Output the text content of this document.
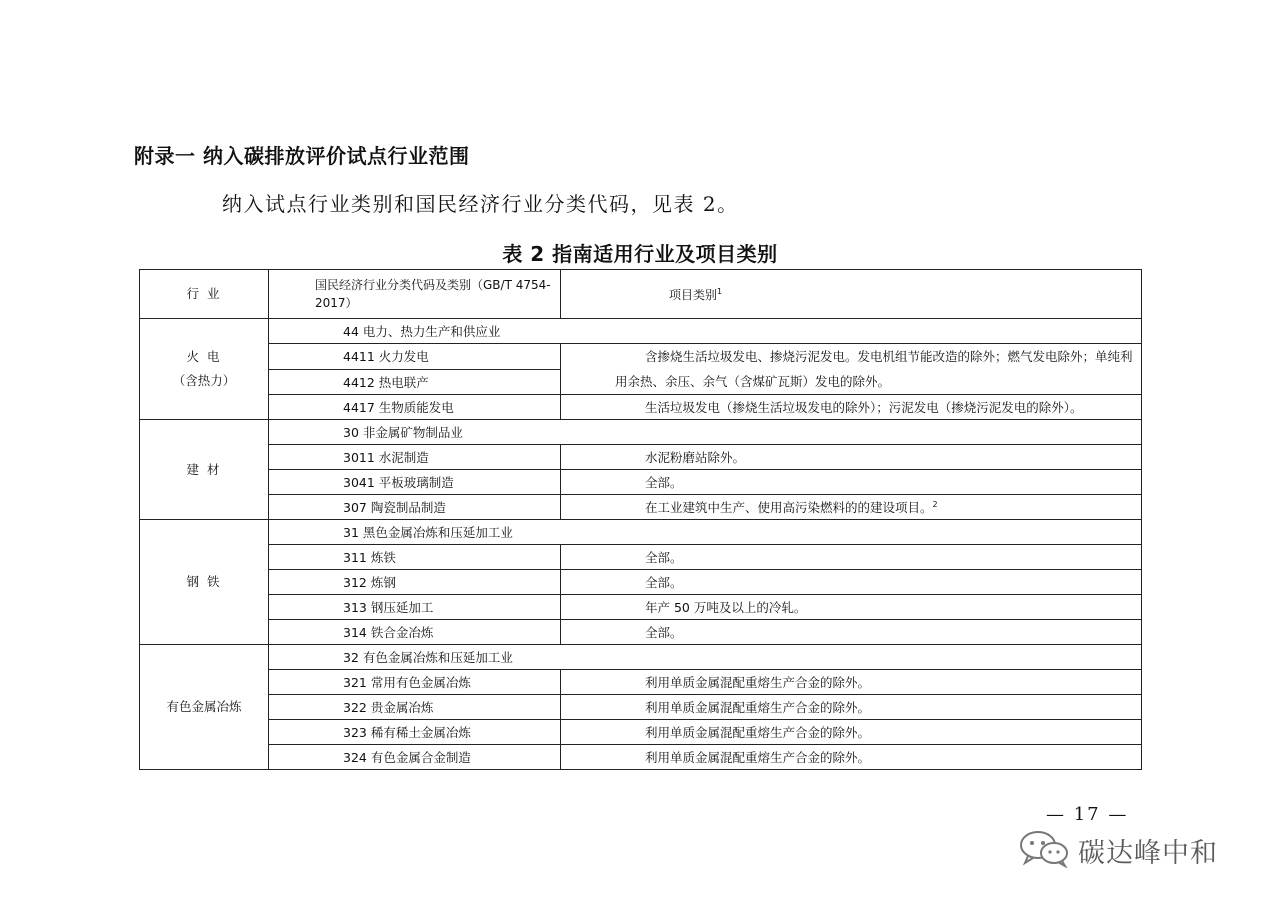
附录一 纳入碳排放评价试点行业范围
纳入试点行业类别和国民经济行业分类代码，见表 2。
表 2 指南适用行业及项目类别
行 业	国民经济行业分类代码及类别（GB/T 4754-2017）	项目类别$^1$

火 电
（含热力）	44 电力、热力生产和供应业	
	4411 火力发电	含掺烧生活垃圾发电、掺烧污泥发电。发电机组节能改造的除外；燃气发电除外；单纯利用余热、余压、余气（含煤矿瓦斯）发电的除外。
	4412 热电联产	
	4417 生物质能发电	生活垃圾发电（掺烧生活垃圾发电的除外）；污泥发电（掺烧污泥发电的除外）。
建 材	30 非金属矿物制品业	
	3011 水泥制造	水泥粉磨站除外。
	3041 平板玻璃制造	全部。
	307 陶瓷制品制造	在工业建筑中生产、使用高污染燃料的的建设项目。$^2$
钢 铁	31 黑色金属冶炼和压延加工业	
	311 炼铁	全部。
	312 炼钢	全部。
	313 钢压延加工	年产 50 万吨及以上的冷轧。
	314 铁合金冶炼	全部。
有色金属冶炼	32 有色金属冶炼和压延加工业	
	321 常用有色金属冶炼	利用单质金属混配重熔生产合金的除外。
	322 贵金属冶炼	利用单质金属混配重熔生产合金的除外。
	323 稀有稀土金属冶炼	利用单质金属混配重熔生产合金的除外。
	324 有色金属合金制造	利用单质金属混配重熔生产合金的除外。
— 17 —
碳达峰中和
